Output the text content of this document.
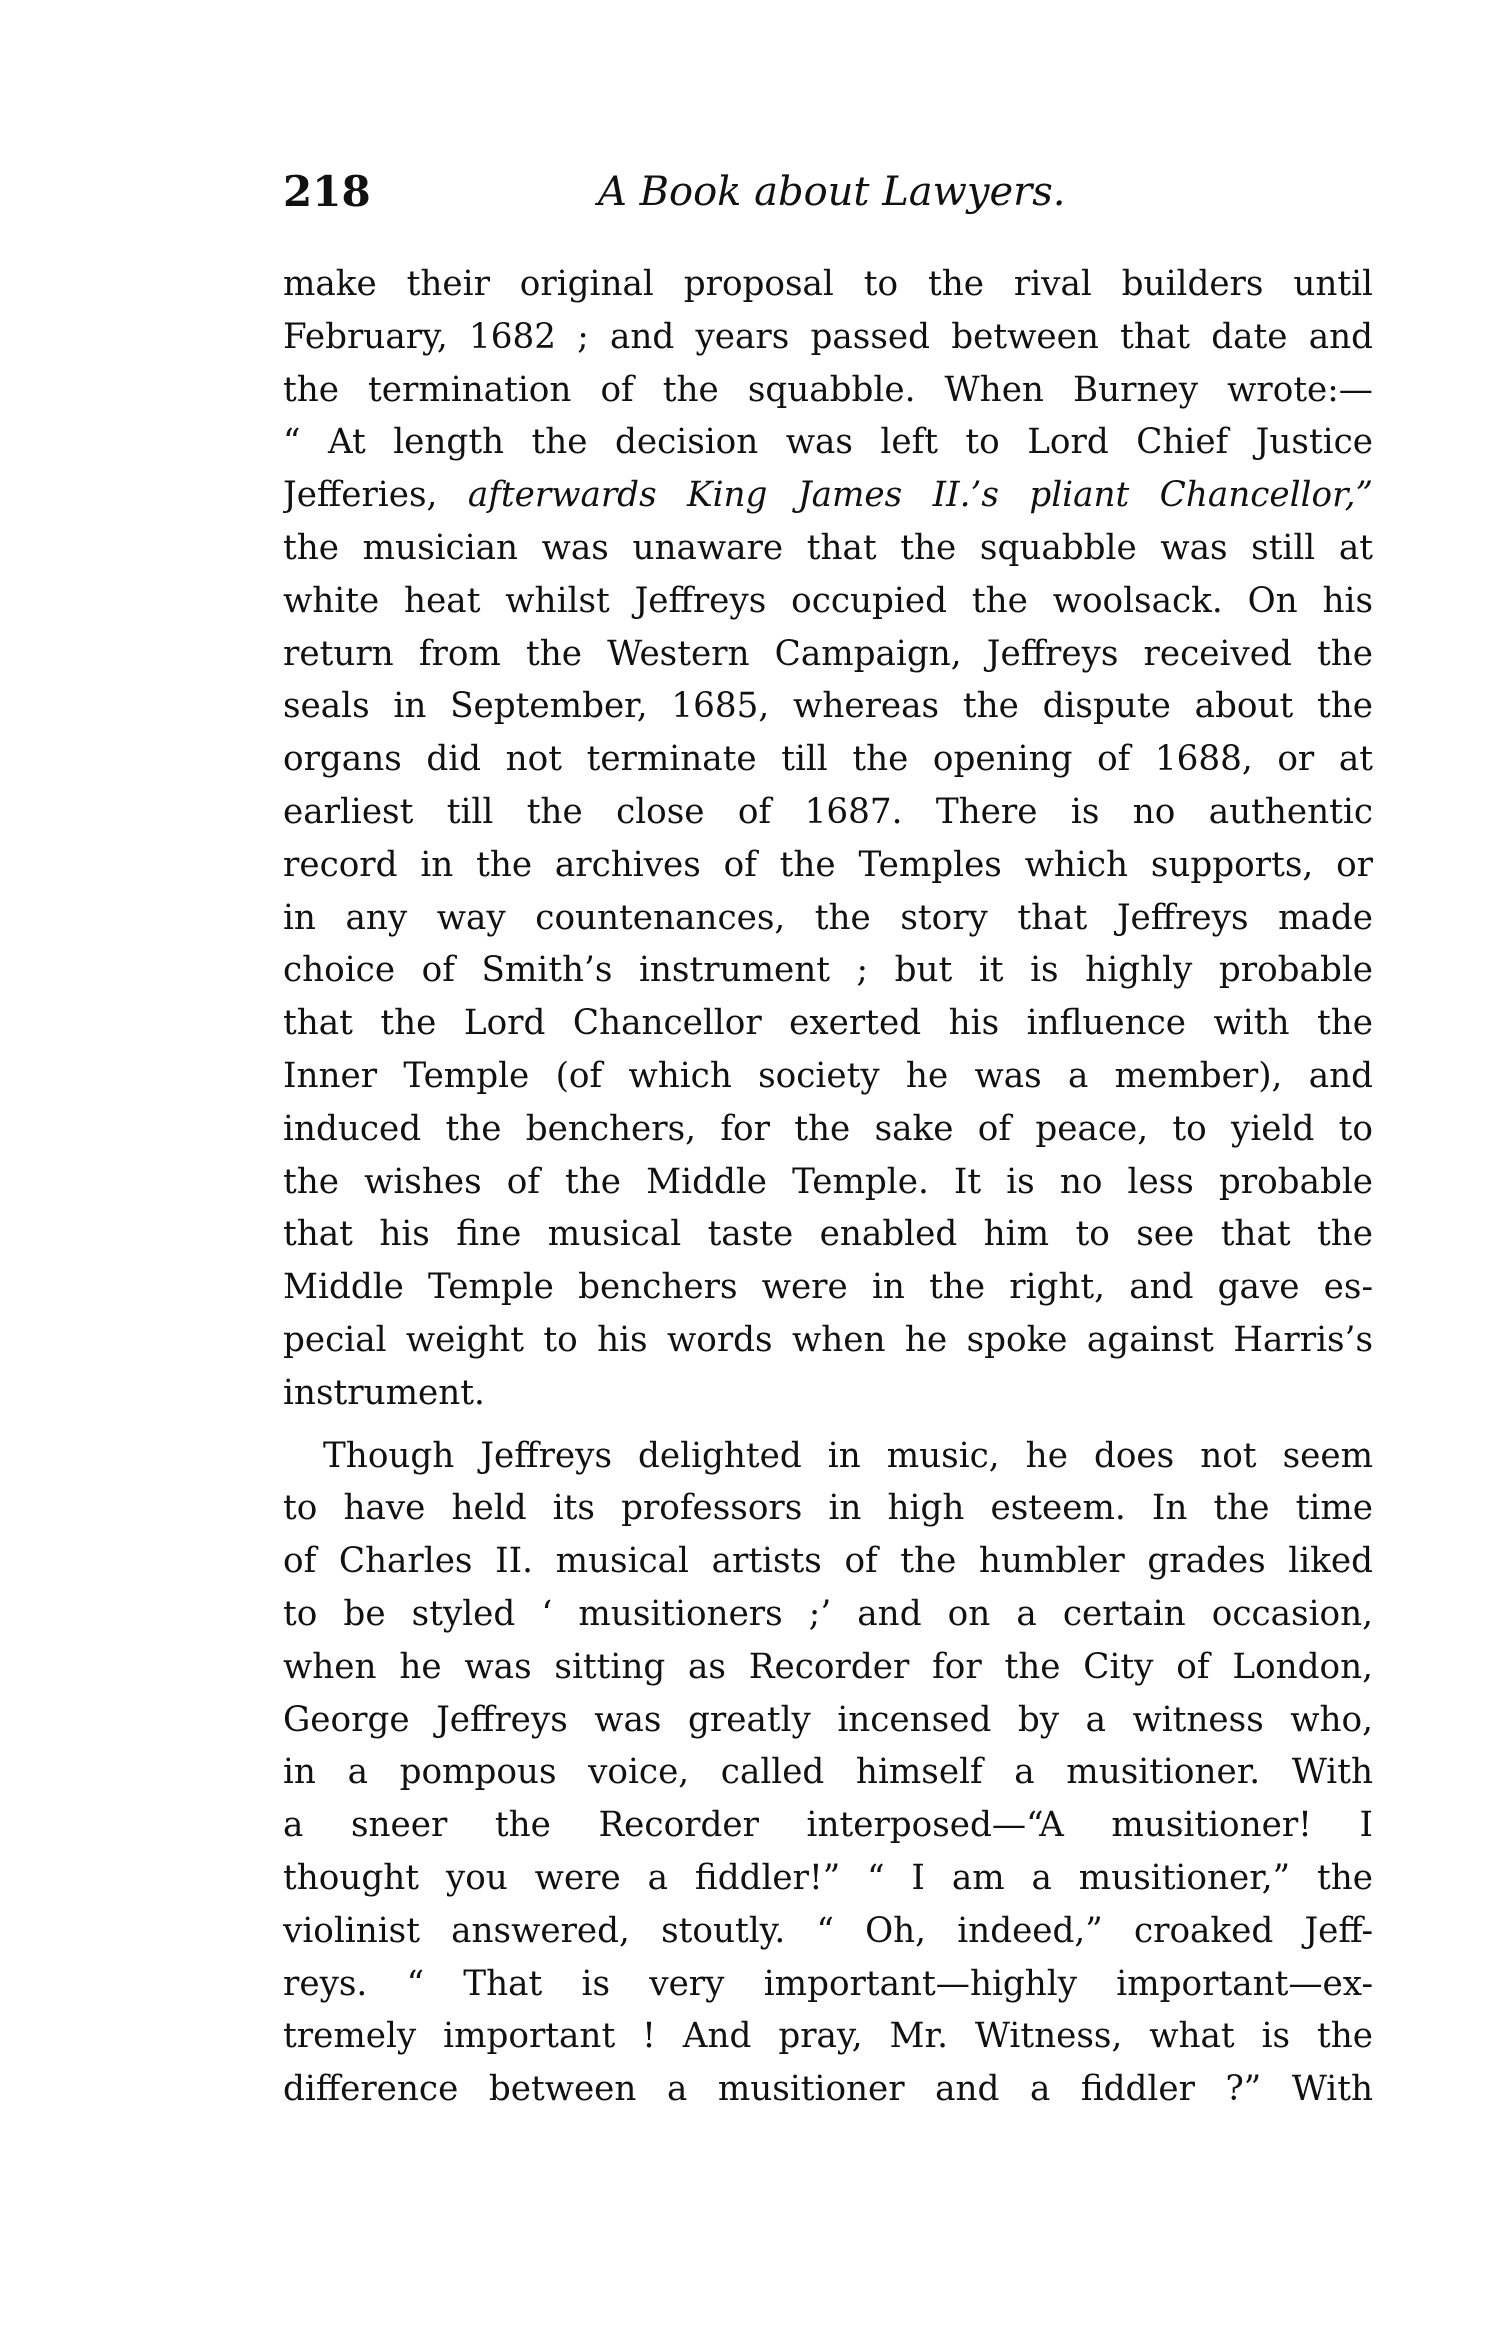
218	A Book about Lawyers.
make their original proposal to the rival builders until
February, 1682 ; and years passed between that date and
the termination of the squabble. When Burney wrote:—
“ At length the decision was left to Lord Chief Justice
Jefferies, afterwards King James II.’s pliant Chancellor,”
the musician was unaware that the squabble was still at
white heat whilst Jeffreys occupied the woolsack. On his
return from the Western Campaign, Jeffreys received the
seals in September, 1685, whereas the dispute about the
organs did not terminate till the opening of 1688, or at
earliest till the close of 1687. There is no authentic
record in the archives of the Temples which supports, or
in any way countenances, the story that Jeffreys made
choice of Smith’s instrument ; but it is highly probable
that the Lord Chancellor exerted his influence with the
Inner Temple (of which society he was a member), and
induced the benchers, for the sake of peace, to yield to
the wishes of the Middle Temple. It is no less probable
that his fine musical taste enabled him to see that the
Middle Temple benchers were in the right, and gave es-
pecial weight to his words when he spoke against Harris’s
instrument.
Though Jeffreys delighted in music, he does not seem
to have held its professors in high esteem. In the time
of Charles II. musical artists of the humbler grades liked
to be styled ‘ musitioners ;’ and on a certain occasion,
when he was sitting as Recorder for the City of London,
George Jeffreys was greatly incensed by a witness who,
in a pompous voice, called himself a musitioner. With
a sneer the Recorder interposed—“A musitioner! I
thought you were a fiddler!” “ I am a musitioner,” the
violinist answered, stoutly. “ Oh, indeed,” croaked Jeff-
reys. “ That is very important—highly important—ex-
tremely important ! And pray, Mr. Witness, what is the
difference between a musitioner and a fiddler ?” With
